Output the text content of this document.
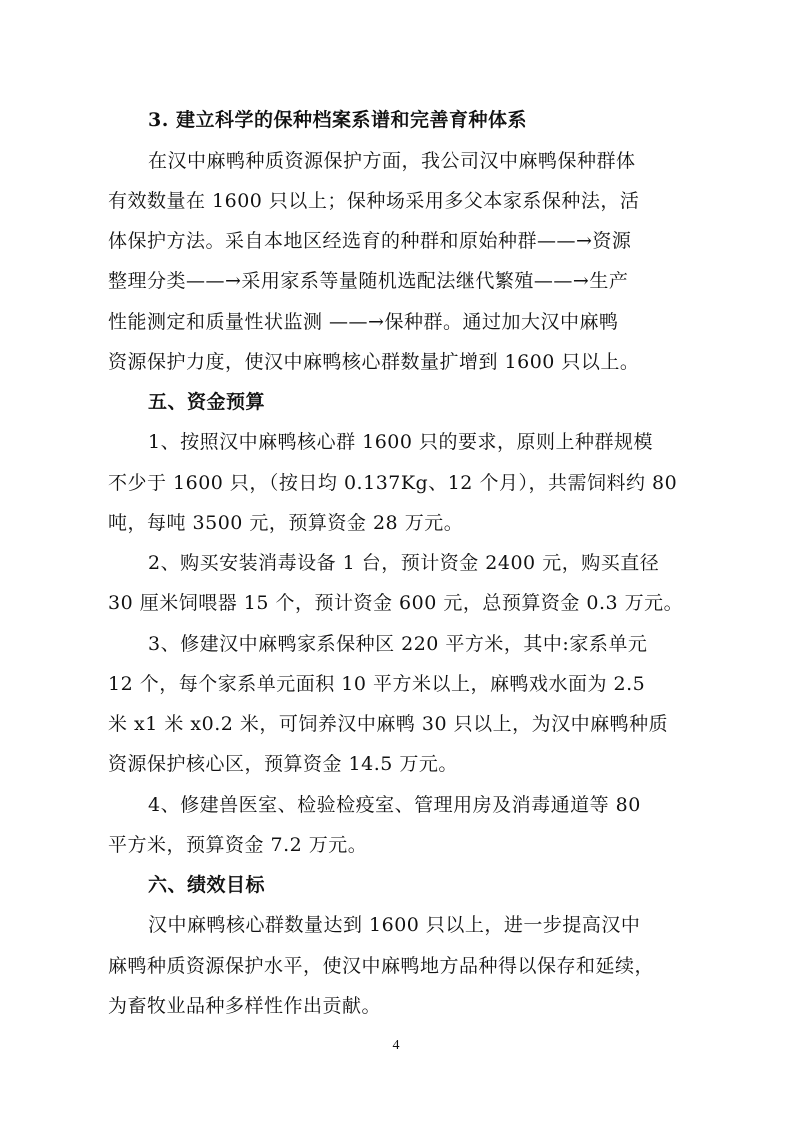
3. 建立科学的保种档案系谱和完善育种体系
在汉中麻鸭种质资源保护方面，我公司汉中麻鸭保种群体
有效数量在 1600 只以上；保种场采用多父本家系保种法，活
体保护方法。采自本地区经选育的种群和原始种群——→资源
整理分类——→采用家系等量随机选配法继代繁殖——→生产
性能测定和质量性状监测 ——→保种群。通过加大汉中麻鸭
资源保护力度，使汉中麻鸭核心群数量扩增到 1600 只以上。
五、资金预算
1、按照汉中麻鸭核心群 1600 只的要求，原则上种群规模
不少于 1600 只，（按日均 0.137Kg、12 个月），共需饲料约 80
吨，每吨 3500 元，预算资金 28 万元。
2、购买安装消毒设备 1 台，预计资金 2400 元，购买直径
30 厘米饲喂器 15 个，预计资金 600 元，总预算资金 0.3 万元。
3、修建汉中麻鸭家系保种区 220 平方米，其中:家系单元
12 个，每个家系单元面积 10 平方米以上，麻鸭戏水面为 2.5
米 x1 米 x0.2 米，可饲养汉中麻鸭 30 只以上，为汉中麻鸭种质
资源保护核心区，预算资金 14.5 万元。
4、修建兽医室、检验检疫室、管理用房及消毒通道等 80
平方米，预算资金 7.2 万元。
六、绩效目标
汉中麻鸭核心群数量达到 1600 只以上，进一步提高汉中
麻鸭种质资源保护水平，使汉中麻鸭地方品种得以保存和延续，
为畜牧业品种多样性作出贡献。
4
